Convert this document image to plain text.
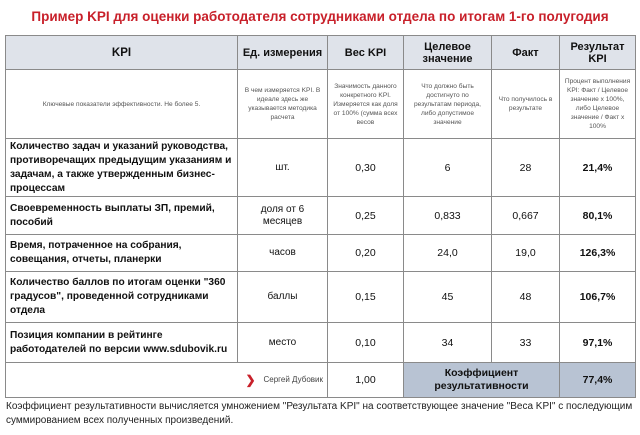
Пример KPI для оценки работодателя сотрудниками отдела по итогам 1-го полугодия
KPI	Ед. измерения	Вес KPI	Целевое значение	Факт	Результат KPI

Ключевые показатели эффективности. Не более 5.	В чем измеряется KPI. В идеале здесь же указывается методика расчета	Значимость данного конкретного KPI. Измеряется как доля от 100% (сумма всех весов	Что должно быть достигнуто по результатам периода, либо допустимое значение	Что получилось в результате	Процент выполнения KPI: Факт / Целевое значение х 100%, либо Целевое значение / Факт х 100%

Количество задач и указаний руководства, противоречащих предыдущим указаниям и задачам, а также утвержденным бизнес-процессам	шт.	0,30	6	28	21,4%
Своевременность выплаты ЗП, премий, пособий	доля от 6 месяцев	0,25	0,833	0,667	80,1%
Время, потраченное на собрания, совещания, отчеты, планерки	часов	0,20	24,0	19,0	126,3%
Количество баллов по итогам оценки "360 градусов", проведенной сотрудниками отдела	баллы	0,15	45	48	106,7%
Позиция компании в рейтинге работодателей по версии www.sdubovik.ru	место	0,10	34	33	97,1%
❯ Сергей Дубовик		1,00	Коэффициент результативности		77,4%
Коэффициент результативности вычисляется умножением "Результата KPI" на соответствующее значение "Веса KPI" с последующим суммированием всех полученных произведений.
